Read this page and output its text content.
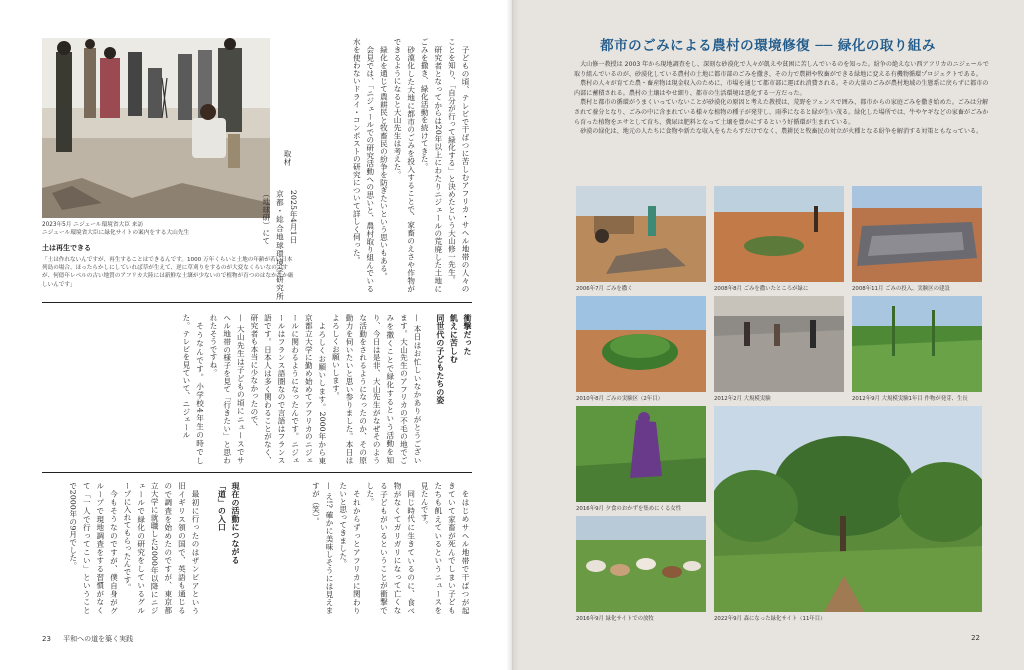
2023年5月 ニジェール環境省大臣 来訪
ニジェール環境省大臣に緑化サイトの案内をする大山先生
土は再生できる
「土は作れないんですが、再生することはできるんです。1000 万年くらいと土地の年齢が若い日本列島の場合、ほったらかしにしていれば草が生えて、逆に草刈りをするのが大変なくらいなのですが、何億年レベルの古い地質のアフリカ大陸には新鮮な土壌が少ないので植物が育つのはなかなか厳しいんです」	子どもの頃、テレビで干ばつに苦しむアフリカ・サヘル地帯の人々のことを知り、「自分が行って緑化する」と決めたという大山修一先生。

研究者となってからは20年以上にわたりニジェールの荒廃した土地にごみを撒き、緑化活動を続けてきた。

砂漠化した大地に都市のごみを投入することで、家畜のえさや作物ができるようになると大山先生は考えた。

緑化を通じて農耕民と牧畜民の紛争を防ぎたいという思いもある。

会見では、「ニジェールでの研究活動への思いと、農村取り組んでいる水を使わないドライ・コンポストの研究について詳しく伺った。

取材

2025年4月1日

京都・総合地球環境学研究所（地球研）にて

衝撃だった

飢えに苦しむ

同世代の子どもたちの姿

— 本日はお忙しいなかありがとうございます。大山先生のアフリカの不毛の地でごみを撒くことで緑化するという活動を知り、今日は是非、大山先生がなぜそのような活動をされるようになったのか、その原動力を伺いたいと思い参りました。本日はよろしくお願いします。

よろしくお願いします。2000年から東京都立大学に勤め始めてアフリカのニジェールに関わるようになったんです。ニジェールはフランス語圏なので言語はフランス語です。日本人は多く関わることがなく、研究者も本当に少なかったので、

— 大山先生は子どもの頃にニュースでサヘル地帯の様子を見て「行きたい」と思われたそうですね。

そうなんです。小学校4年生の時でした。テレビを見ていて、ニジェール

をはじめサヘル地帯で干ばつが起きていて家畜が死んでしまい子どもたちも飢えているというニュースを見たんです。

同じ時代に生きているのに、食べ物がなくてガリガリになって亡くなる子どもがいるということが衝撃でした。

それからずっとアフリカに関わりたいと思ってきました。

— え!? 確かに美味しそうには見えますが（笑）。

現在の活動につながる

「道」の入口

最初に行ったのはザンビアという旧イギリス領の国で、英語も通じるので調査を始めたのですが、東京都立大学に就職した2000年以降にニジェールで緑化の研究をしているグループに入れてもらったんです。

今もそうなのですが、僕自身がグループで現地調査をする習慣がなくて「一人で行ってこい」ということで2000年の9月でした。

23 平和への道を築く実践
都市のごみによる農村の環境修復 ── 緑化の取り組み

大山修一教授は 2003 年から現地調査をし、深刻な砂漠化で人々が飢えや貧困に苦しんでいるのを知った。紛争の絶えない西アフリカのニジェールで取り組んでいるのが、砂漠化している農村の土地に都市部のごみを撒き、その力で農耕や牧畜ができる緑地に変える有機物循環プロジェクトである。

農村の人々が育てた農・畜産物は現金収入のために、市場を通じて都市部に運ばれ消費される。その大量のごみが農村地域の生態系に戻らずに都市の内部に蓄積される。農村の土壌はやせ細り、都市の生活環境は悪化する一方だった。

農村と都市の循環がうまくいっていないことが砂漠化の原因と考えた教授は、荒野をフェンスで囲み、都市からの家庭ごみを撒き始めた。ごみは分解されて養分となり、ごみの中に含まれている様々な植物の種子が発芽し、雨季になると緑が生い茂る。緑化した場所では、牛やヤギなどの家畜がごみから育った植物をエサとして育ち、糞尿は肥料となって土壌を豊かにするという好循環が生まれている。

砂漠の緑化は、地元の人たちに食物や新たな収入をもたらすだけでなく、農耕民と牧畜民の対立が火種となる紛争を解消する対策ともなっている。

2006年7月 ごみを撒く	2008年8月 ごみを撒いたところが緑に	2008年11月 ごみの投入、実験区の建設
2010年8月 ごみの実験区（2年目）	2012年2月 大規模実験	2012年9月 大規模実験1年目 作物が発芽、生長
2016年9月 夕食のおかずを集めにくる女性
2016年9月 緑化サイトでの放牧	2022年9月 森になった緑化サイト（11年目）
22
